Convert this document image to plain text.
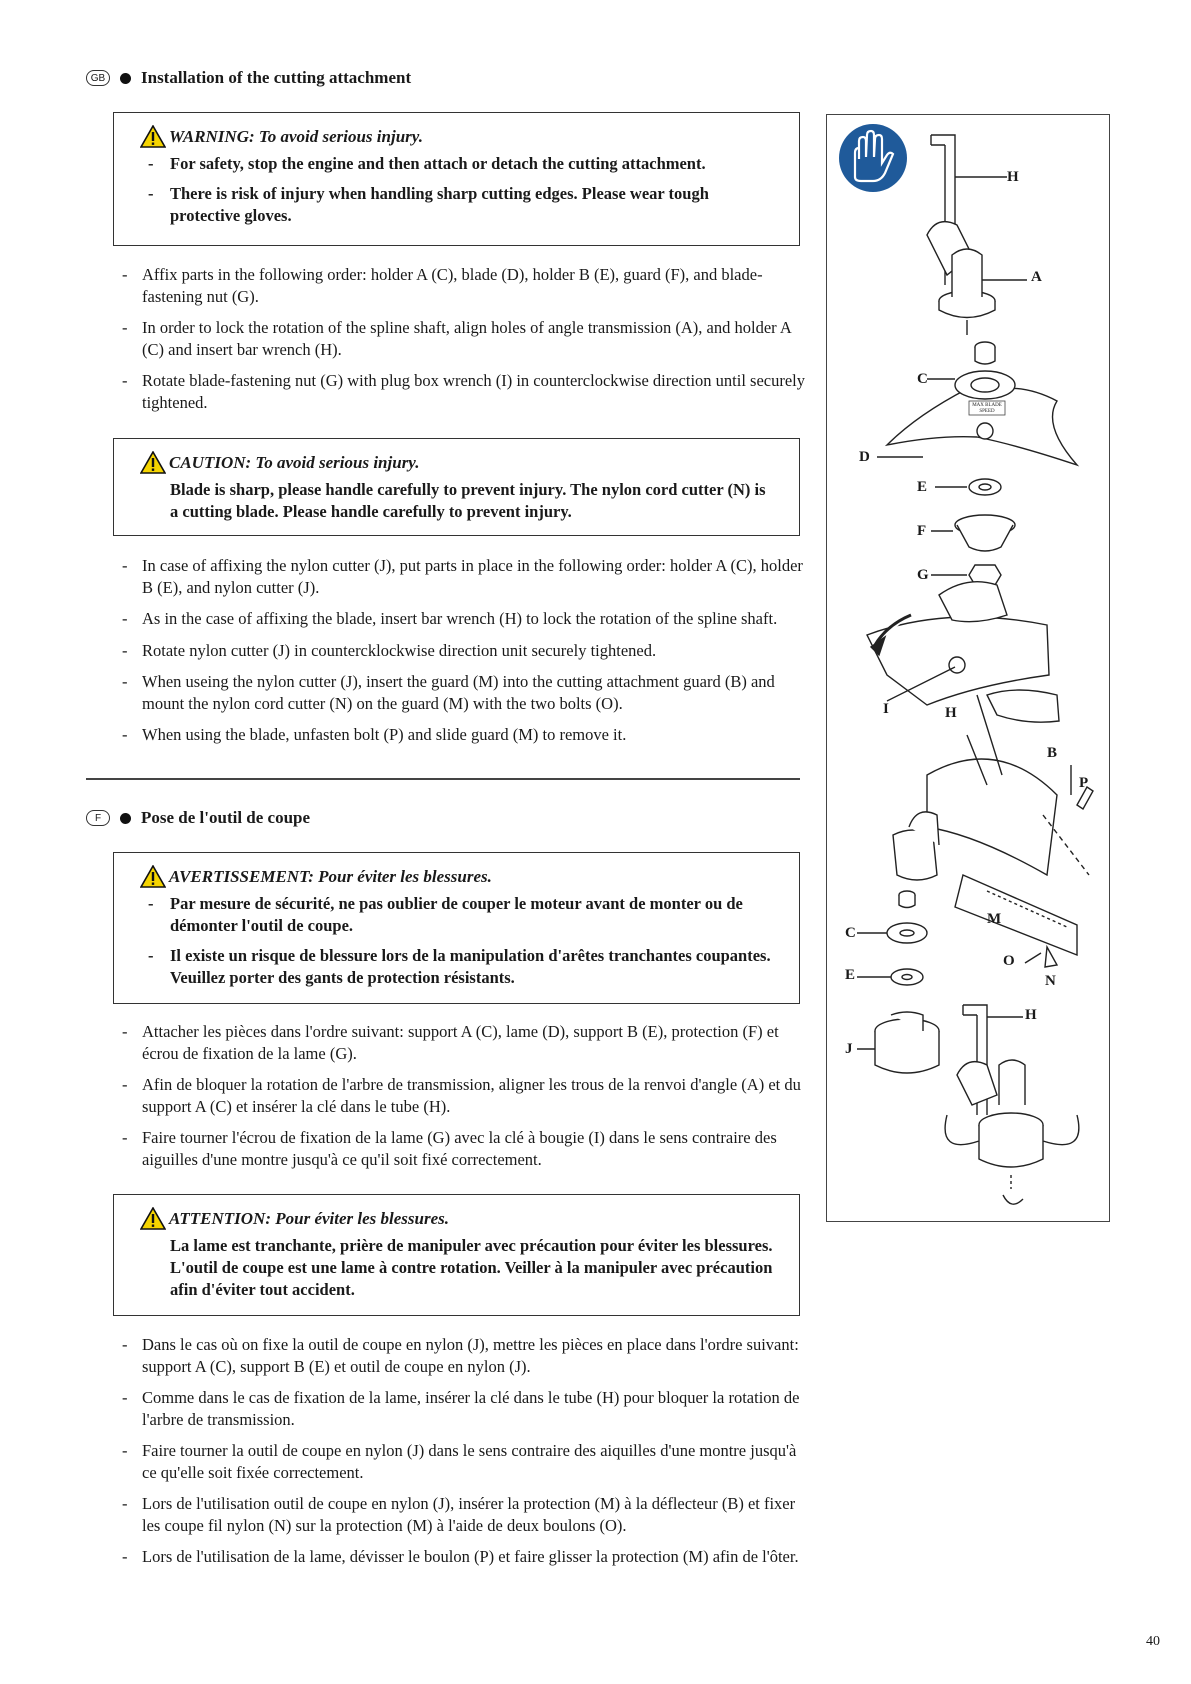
GB Installation of the cutting attachment
WARNING: To avoid serious injury.
-	For safety, stop the engine and then attach or detach the cutting attachment.
-	There is risk of injury when handling sharp cutting edges. Please wear tough protective gloves.
- Affix parts in the following order: holder A (C), blade (D), holder B (E), guard (F), and blade-fastening nut (G).
- In order to lock the rotation of the spline shaft, align holes of angle transmission (A), and holder A (C) and insert bar wrench (H).
- Rotate blade-fastening nut (G) with plug box wrench (I) in counterclockwise direction until securely tightened.
CAUTION: To avoid serious injury.
Blade is sharp, please handle carefully to prevent injury. The nylon cord cutter (N) is a cutting blade. Please handle carefully to prevent injury.
- In case of affixing the nylon cutter (J), put parts in place in the following order: holder A (C), holder B (E), and nylon cutter (J).
- As in the case of affixing the blade, insert bar wrench (H) to lock the rotation of the spline shaft.
- Rotate nylon cutter (J) in countercklockwise direction unit securely tightened.
- When useing the nylon cutter (J), insert the guard (M) into the cutting attachment guard (B) and mount the nylon cord cutter (N) on the guard (M) with the two bolts (O).
- When using the blade, unfasten bolt (P) and slide guard (M) to remove it.
F	Pose de l'outil de coupe
AVERTISSEMENT: Pour éviter les blessures.
-	Par mesure de sécurité, ne pas oublier de couper le moteur avant de monter ou de démonter l'outil de coupe.
-	Il existe un risque de blessure lors de la manipulation d'arêtes tranchantes coupantes. Veuillez porter des gants de protection résistants.
- Attacher les pièces dans l'ordre suivant: support A (C), lame (D), support B (E), protection (F) et écrou de fixation de la lame (G).
- Afin de bloquer la rotation de l'arbre de transmission, aligner les trous de la renvoi d'angle (A) et du support A (C) et insérer la clé dans le tube (H).
- Faire tourner l'écrou de fixation de la lame (G) avec la clé à bougie (I) dans le sens contraire des aiguilles d'une montre jusqu'à ce qu'il soit fixé correctement.
ATTENTION: Pour éviter les blessures.
La lame est tranchante, prière de manipuler avec précaution pour éviter les blessures. L'outil de coupe est une lame à contre rotation. Veiller à la manipuler avec précaution afin d'éviter tout accident.
- Dans le cas où on fixe la outil de coupe en nylon (J), mettre les pièces en place dans l'ordre suivant: support A (C), support B (E) et outil de coupe en nylon (J).
- Comme dans le cas de fixation de la lame, insérer la clé dans le tube (H) pour bloquer la rotation de l'arbre de transmission.
- Faire tourner la outil de coupe en nylon (J) dans le sens contraire des aiquilles d'une montre jusqu'à ce qu'elle soit fixée correctement.
- Lors de l'utilisation outil de coupe en nylon (J), insérer la protection (M) à la déflecteur (B) et fixer les coupe fil nylon (N) sur la protection (M) à l'aide de deux boulons (O).
- Lors de l'utilisation de la lame, dévisser le boulon (P) et faire glisser la protection (M) afin de l'ôter.
H
A
C
D
E
F
G
I	H
MAX BLADE SPEED
B
P
M
C
O
E	N
H
J
40
